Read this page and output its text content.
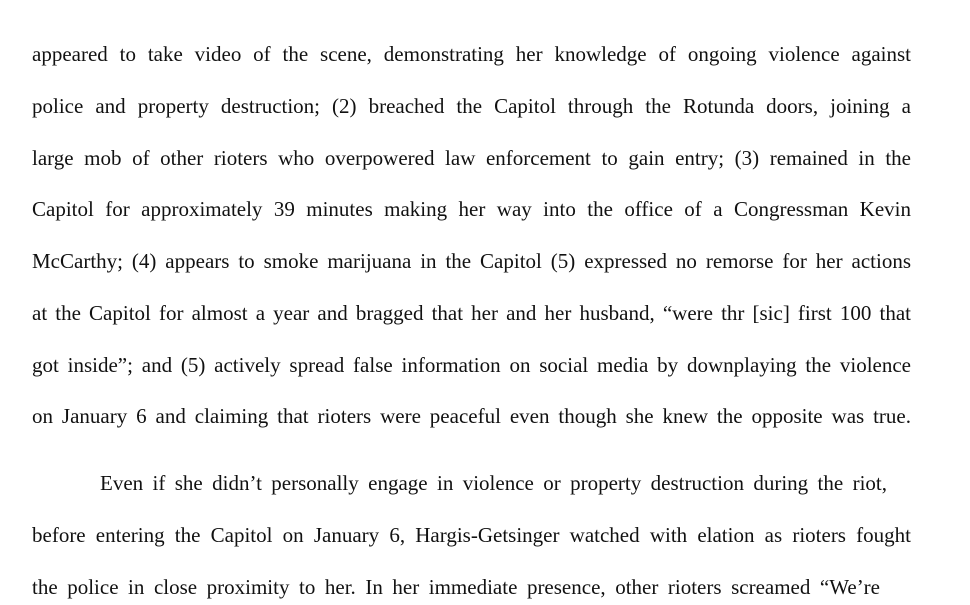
appeared to take video of the scene, demonstrating her knowledge of ongoing violence against
police and property destruction; (2) breached the Capitol through the Rotunda doors, joining a
large mob of other rioters who overpowered law enforcement to gain entry; (3) remained in the
Capitol for approximately 39 minutes making her way into the office of a Congressman Kevin
McCarthy; (4) appears to smoke marijuana in the Capitol (5) expressed no remorse for her actions
at the Capitol for almost a year and bragged that her and her husband, “were thr [sic] first 100 that
got inside”; and (5) actively spread false information on social media by downplaying the violence
on January 6 and claiming that rioters were peaceful even though she knew the opposite was true.
Even if she didn’t personally engage in violence or property destruction during the riot,
before entering the Capitol on January 6, Hargis-Getsinger watched with elation as rioters fought
the police in close proximity to her. In her immediate presence, other rioters screamed “We’re
